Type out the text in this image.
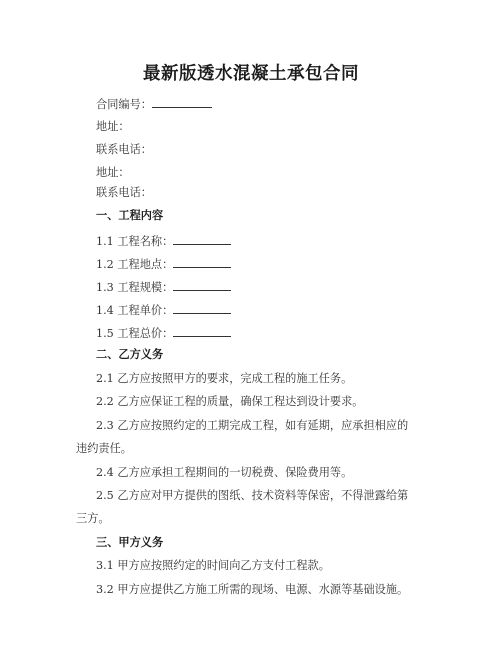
最新版透水混凝土承包合同
合同编号：
地址：
联系电话：
地址：
联系电话：
一、工程内容
1.1 工程名称：
1.2 工程地点：
1.3 工程规模：
1.4 工程单价：
1.5 工程总价：
二、乙方义务
2.1 乙方应按照甲方的要求，完成工程的施工任务。
2.2 乙方应保证工程的质量，确保工程达到设计要求。
2.3 乙方应按照约定的工期完成工程，如有延期，应承担相应的
违约责任。
2.4 乙方应承担工程期间的一切税费、保险费用等。
2.5 乙方应对甲方提供的图纸、技术资料等保密，不得泄露给第
三方。
三、甲方义务
3.1 甲方应按照约定的时间向乙方支付工程款。
3.2 甲方应提供乙方施工所需的现场、电源、水源等基础设施。
